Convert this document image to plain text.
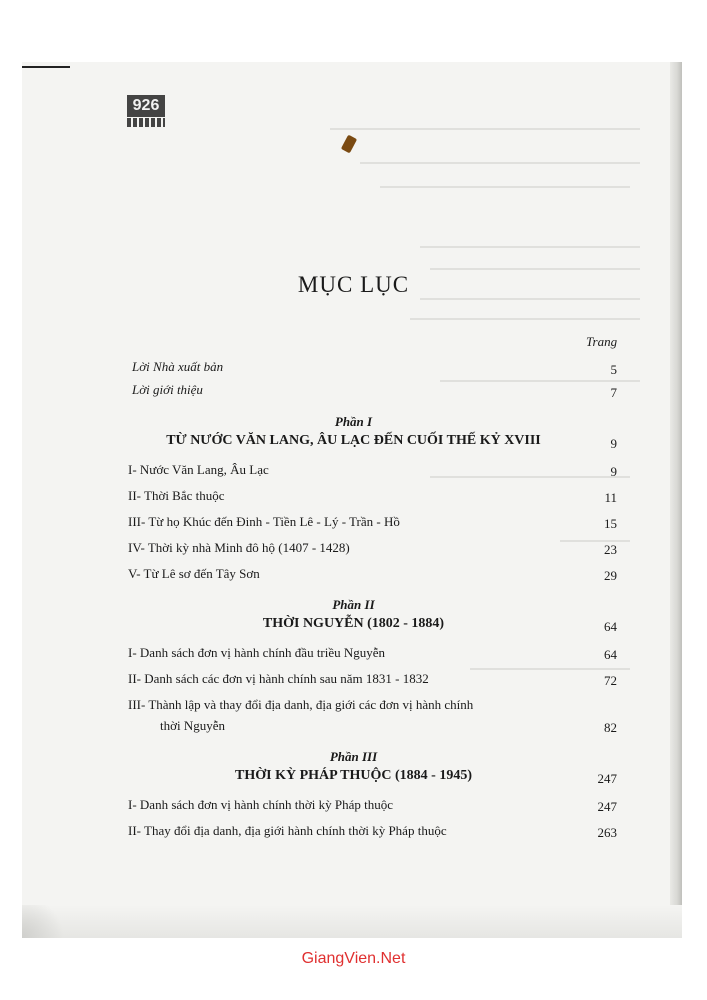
926
MỤC LỤC
Trang
Lời Nhà xuất bản	5
Lời giới thiệu	7
Phần I
TỪ NƯỚC VĂN LANG, ÂU LẠC ĐẾN CUỐI THẾ KỶ XVIII	9
I- Nước Văn Lang, Âu Lạc	9
II- Thời Bắc thuộc	11
III- Từ họ Khúc đến Đinh - Tiền Lê - Lý - Trần - Hồ	15
IV- Thời kỳ nhà Minh đô hộ (1407 - 1428)	23
V- Từ Lê sơ đến Tây Sơn	29
Phần II
THỜI NGUYỄN (1802 - 1884)	64
I- Danh sách đơn vị hành chính đầu triều Nguyễn	64
II- Danh sách các đơn vị hành chính sau năm 1831 - 1832	72
III- Thành lập và thay đổi địa danh, địa giới các đơn vị hành chính
thời Nguyễn	82
Phần III
THỜI KỲ PHÁP THUỘC (1884 - 1945)	247
I- Danh sách đơn vị hành chính thời kỳ Pháp thuộc	247
II- Thay đổi địa danh, địa giới hành chính thời kỳ Pháp thuộc	263
GiangVien.Net
